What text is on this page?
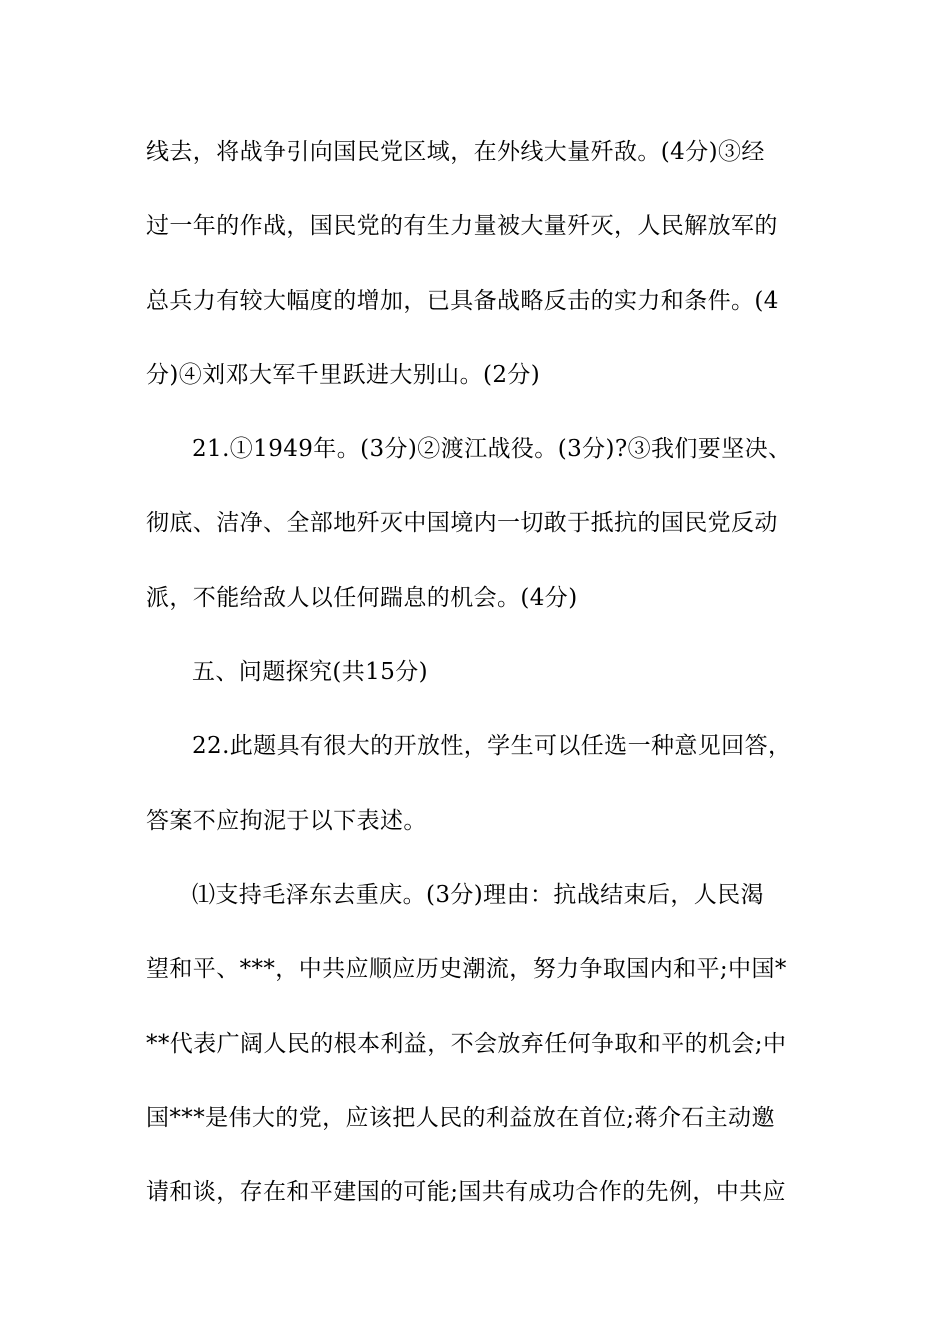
线去，将战争引向国民党区域，在外线大量歼敌。(4分)③经
过一年的作战，国民党的有生力量被大量歼灭，人民解放军的
总兵力有较大幅度的增加，已具备战略反击的实力和条件。(4
分)④刘邓大军千里跃进大别山。(2分)
21.①1949年。(3分)②渡江战役。(3分)?③我们要坚决、
彻底、洁净、全部地歼灭中国境内一切敢于抵抗的国民党反动
派，不能给敌人以任何踹息的机会。(4分)
五、问题探究(共15分)
22.此题具有很大的开放性，学生可以任选一种意见回答，
答案不应拘泥于以下表述。
⑴支持毛泽东去重庆。(3分)理由：抗战结束后，人民渴
望和平、***，中共应顺应历史潮流，努力争取国内和平;中国*
**代表广阔人民的根本利益，不会放弃任何争取和平的机会;中
国***是伟大的党，应该把人民的利益放在首位;蒋介石主动邀
请和谈，存在和平建国的可能;国共有成功合作的先例，中共应
